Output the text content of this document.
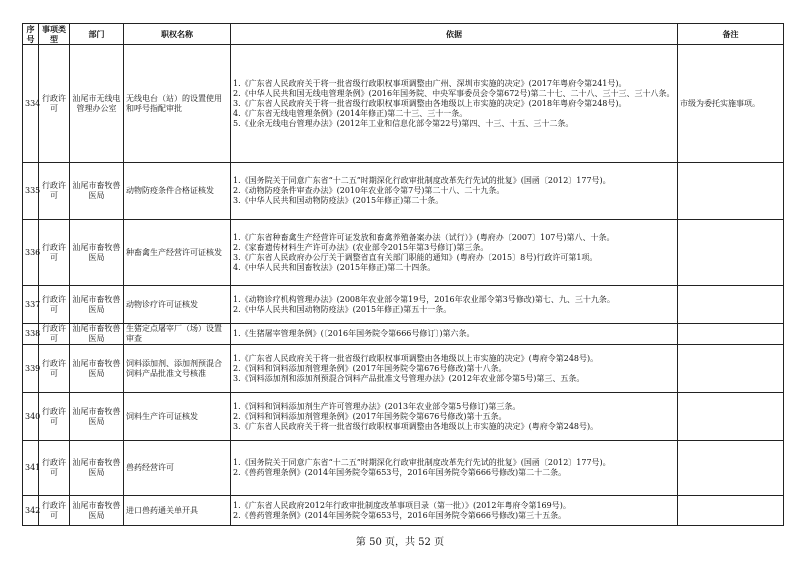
序号	事项类型	部门	职权名称	依据	备注
334	行政许可	汕尾市无线电管理办公室	无线电台（站）的设置使用和呼号指配审批	1.《广东省人民政府关于将一批省级行政职权事项调整由广州、深圳市实施的决定》(2017年粤府令第241号)。
2.《中华人民共和国无线电管理条例》(2016年国务院、中央军事委员会令第672号)第二十七、二十八、三十三、三十八条。
3.《广东省人民政府关于将一批省级行政职权事项调整由各地级以上市实施的决定》(2018年粤府令第248号)。
4.《广东省无线电管理条例》(2014年修正)第二十三、三十一条。
5.《业余无线电台管理办法》(2012年工业和信息化部令第22号)第四、十三、十五、三十二条。	市级为委托实施事项。
335	行政许可	汕尾市畜牧兽医局	动物防疫条件合格证核发	1.《国务院关于同意广东省“十二五”时期深化行政审批制度改革先行先试的批复》(国函〔2012〕177号)。
2.《动物防疫条件审查办法》(2010年农业部令第7号)第二十八、二十九条。
3.《中华人民共和国动物防疫法》(2015年修正)第二十条。	

336	行政许可	汕尾市畜牧兽医局	种畜禽生产经营许可证核发	1.《广东省种畜禽生产经营许可证发放和畜禽养殖备案办法（试行）》(粤府办〔2007〕107号)第八、十条。
2.《家畜遗传材料生产许可办法》(农业部令2015年第3号修订)第三条。
3.《广东省人民政府办公厅关于调整省直有关部门职能的通知》(粤府办〔2015〕8号)行政许可第1项。
4.《中华人民共和国畜牧法》(2015年修正)第二十四条。	

337	行政许可	汕尾市畜牧兽医局	动物诊疗许可证核发	1.《动物诊疗机构管理办法》(2008年农业部令第19号，2016年农业部令第3号修改)第七、九、三十九条。
2.《中华人民共和国动物防疫法》(2015年修正)第五十一条。	

338	行政许可	汕尾市畜牧兽医局	生猪定点屠宰厂（场）设置审查	1.《生猪屠宰管理条例》(〔2016年国务院令第666号修订〕)第六条。	

339	行政许可	汕尾市畜牧兽医局	饲料添加剂、添加剂预混合饲料产品批准文号核准	1.《广东省人民政府关于将一批省级行政职权事项调整由各地级以上市实施的决定》(粤府令第248号)。
2.《饲料和饲料添加剂管理条例》(2017年国务院令第676号修改)第十八条。
3.《饲料添加剂和添加剂预混合饲料产品批准文号管理办法》(2012年农业部令第5号)第三、五条。	

340	行政许可	汕尾市畜牧兽医局	饲料生产许可证核发	1.《饲料和饲料添加剂生产许可管理办法》(2013年农业部令第5号修订)第三条。
2.《饲料和饲料添加剂管理条例》(2017年国务院令第676号修改)第十五条。
3.《广东省人民政府关于将一批省级行政职权事项调整由各地级以上市实施的决定》(粤府令第248号)。	

341	行政许可	汕尾市畜牧兽医局	兽药经营许可	1.《国务院关于同意广东省“十二五”时期深化行政审批制度改革先行先试的批复》(国函〔2012〕177号)。
2.《兽药管理条例》(2014年国务院令第653号，2016年国务院令第666号修改)第二十二条。	

342	行政许可	汕尾市畜牧兽医局	进口兽药通关单开具	1.《广东省人民政府2012年行政审批制度改革事项目录（第一批）》(2012年粤府令第169号)。
2.《兽药管理条例》(2014年国务院令第653号，2016年国务院令第666号修改)第三十五条。	

第 50 页，共 52 页
